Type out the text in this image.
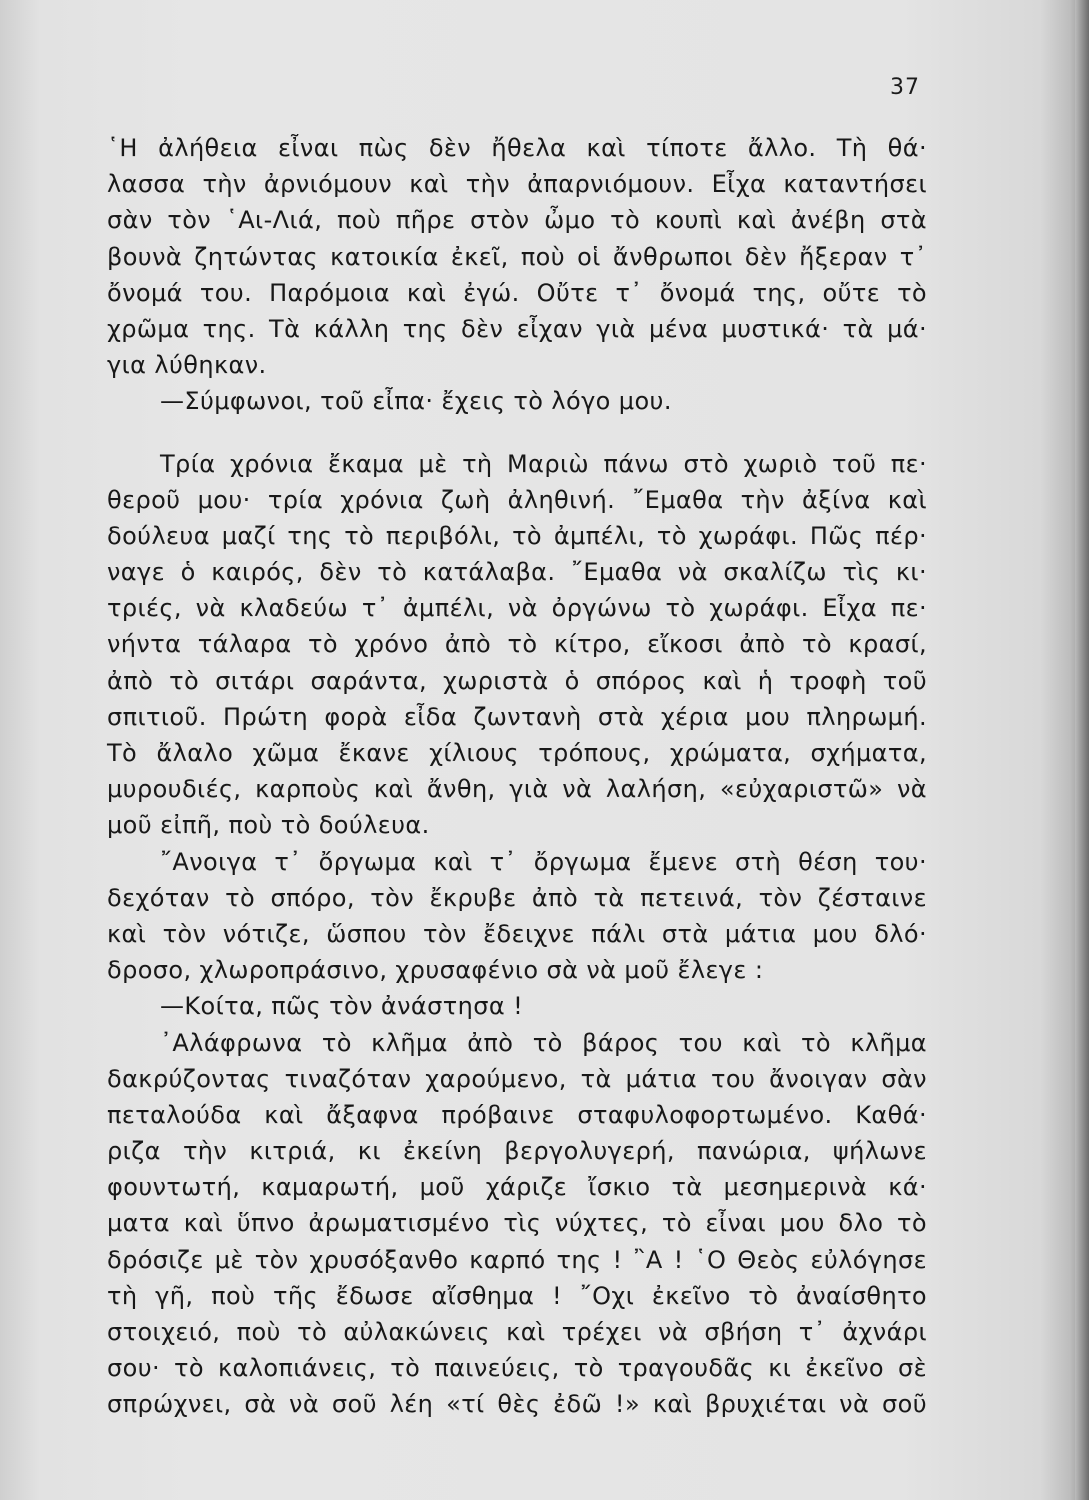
37
῾Η ἀλήθεια εἶναι πὼς δὲν ἤθελα καὶ τίποτε ἄλλο. Τὴ θά·
λασσα τὴν ἀρνιόμουν καὶ τὴν ἀπαρνιόμουν. Εἶχα καταντήσει
σὰν τὸν ῾Αι-Λιά, ποὺ πῆρε στὸν ὦμο τὸ κουπὶ καὶ ἀνέβη στὰ
βουνὰ ζητώντας κατοικία ἐκεῖ, ποὺ οἱ ἄνθρωποι δὲν ἤξεραν τ᾽
ὄνομά του. Παρόμοια καὶ ἐγώ. Οὔτε τ᾽ ὄνομά της, οὔτε τὸ
χρῶμα της. Τὰ κάλλη της δὲν εἶχαν γιὰ μένα μυστικά· τὰ μά·
για λύθηκαν.
—Σύμφωνοι, τοῦ εἶπα· ἔχεις τὸ λόγο μου.
Τρία χρόνια ἔκαμα μὲ τὴ Μαριὼ πάνω στὸ χωριὸ τοῦ πε·
θεροῦ μου· τρία χρόνια ζωὴ ἀληθινή. ῎Εμαθα τὴν ἀξίνα καὶ
δούλευα μαζί της τὸ περιβόλι, τὸ ἀμπέλι, τὸ χωράφι. Πῶς πέρ·
ναγε ὁ καιρός, δὲν τὸ κατάλαβα. ῎Εμαθα νὰ σκαλίζω τὶς κι·
τριές, νὰ κλαδεύω τ᾽ ἀμπέλι, νὰ ὀργώνω τὸ χωράφι. Εἶχα πε·
νήντα τάλαρα τὸ χρόνο ἀπὸ τὸ κίτρο, εἴκοσι ἀπὸ τὸ κρασί,
ἀπὸ τὸ σιτάρι σαράντα, χωριστὰ ὁ σπόρος καὶ ἡ τροφὴ τοῦ
σπιτιοῦ. Πρώτη φορὰ εἶδα ζωντανὴ στὰ χέρια μου πληρωμή.
Τὸ ἄλαλο χῶμα ἔκανε χίλιους τρόπους, χρώματα, σχήματα,
μυρουδιές, καρποὺς καὶ ἄνθη, γιὰ νὰ λαλήση, «εὐχαριστῶ» νὰ
μοῦ εἰπῆ, ποὺ τὸ δούλευα.
῎Ανοιγα τ᾽ ὄργωμα καὶ τ᾽ ὄργωμα ἔμενε στὴ θέση του·
δεχόταν τὸ σπόρο, τὸν ἔκρυβε ἀπὸ τὰ πετεινά, τὸν ζέσταινε
καὶ τὸν νότιζε, ὥσπου τὸν ἔδειχνε πάλι στὰ μάτια μου δλό·
δροσο, χλωροπράσινο, χρυσαφένιο σὰ νὰ μοῦ ἔλεγε :
—Κοίτα, πῶς τὸν ἀνάστησα !
᾽Αλάφρωνα τὸ κλῆμα ἀπὸ τὸ βάρος του καὶ τὸ κλῆμα
δακρύζοντας τιναζόταν χαρούμενο, τὰ μάτια του ἄνοιγαν σὰν
πεταλούδα καὶ ἄξαφνα πρόβαινε σταφυλοφορτωμένο. Καθά·
ριζα τὴν κιτριά, κι ἐκείνη βεργολυγερή, πανώρια, ψήλωνε
φουντωτή, καμαρωτή, μοῦ χάριζε ἴσκιο τὰ μεσημερινὰ κά·
ματα καὶ ὕπνο ἀρωματισμένο τὶς νύχτες, τὸ εἶναι μου δλο τὸ
δρόσιζε μὲ τὸν χρυσόξανθο καρπό της ! ῍Α ! ῾Ο Θεὸς εὐλόγησε
τὴ γῆ, ποὺ τῆς ἔδωσε αἴσθημα ! ῎Οχι ἐκεῖνο τὸ ἀναίσθητο
στοιχειό, ποὺ τὸ αὐλακώνεις καὶ τρέχει νὰ σβήση τ᾽ ἀχνάρι
σου· τὸ καλοπιάνεις, τὸ παινεύεις, τὸ τραγουδᾶς κι ἐκεῖνο σὲ
σπρώχνει, σὰ νὰ σοῦ λέη «τί θὲς ἐδῶ !» καὶ βρυχιέται νὰ σοῦ
